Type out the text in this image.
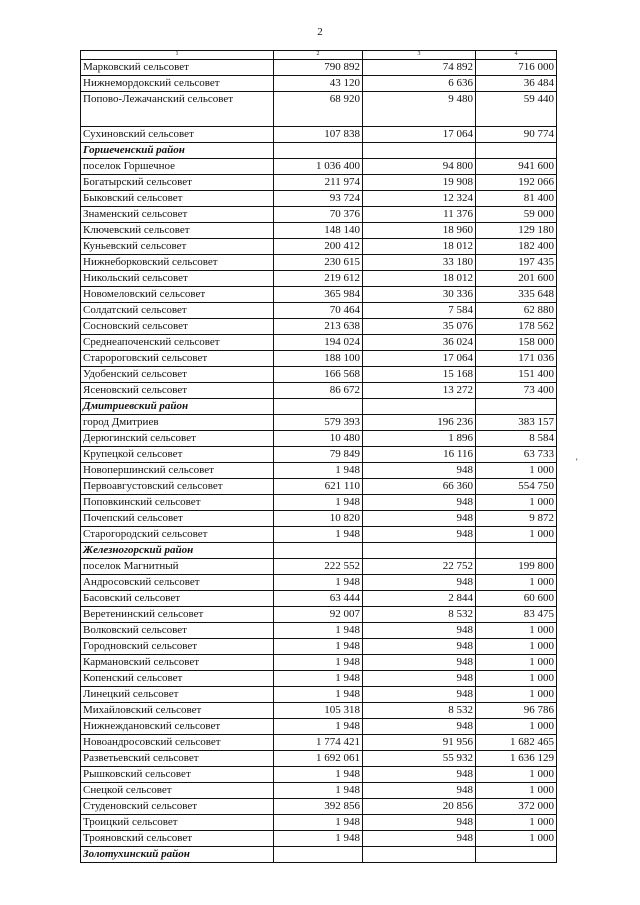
2
'
1	2	3	4
Марковский сельсовет	790 892	74 892	716 000
Нижнемордокский сельсовет	43 120	6 636	36 484
Попово-Лежачанский сельсовет	68 920	9 480	59 440
Сухиновский сельсовет	107 838	17 064	90 774
Горшеченский район			
поселок Горшечное	1 036 400	94 800	941 600
Богатырский сельсовет	211 974	19 908	192 066
Быковский сельсовет	93 724	12 324	81 400
Знаменский сельсовет	70 376	11 376	59 000
Ключевский сельсовет	148 140	18 960	129 180
Куньевский сельсовет	200 412	18 012	182 400
Нижнеборковский сельсовет	230 615	33 180	197 435
Никольский сельсовет	219 612	18 012	201 600
Новомеловский сельсовет	365 984	30 336	335 648
Солдатский сельсовет	70 464	7 584	62 880
Сосновский сельсовет	213 638	35 076	178 562
Среднеапоченский сельсовет	194 024	36 024	158 000
Старороговский сельсовет	188 100	17 064	171 036
Удобенский сельсовет	166 568	15 168	151 400
Ясеновский сельсовет	86 672	13 272	73 400
Дмитриевский район			
город Дмитриев	579 393	196 236	383 157
Дерюгинский сельсовет	10 480	1 896	8 584
Крупецкой сельсовет	79 849	16 116	63 733
Новопершинский сельсовет	1 948	948	1 000
Первоавгустовский сельсовет	621 110	66 360	554 750
Поповкинский сельсовет	1 948	948	1 000
Почепский сельсовет	10 820	948	9 872
Старогородский сельсовет	1 948	948	1 000
Железногорский район			
поселок Магнитный	222 552	22 752	199 800
Андросовский сельсовет	1 948	948	1 000
Басовский сельсовет	63 444	2 844	60 600
Веретенинский сельсовет	92 007	8 532	83 475
Волковский сельсовет	1 948	948	1 000
Городновский сельсовет	1 948	948	1 000
Кармановский сельсовет	1 948	948	1 000
Копенский сельсовет	1 948	948	1 000
Линецкий сельсовет	1 948	948	1 000
Михайловский сельсовет	105 318	8 532	96 786
Нижнеждановский сельсовет	1 948	948	1 000
Новоандросовский сельсовет	1 774 421	91 956	1 682 465
Разветьевский сельсовет	1 692 061	55 932	1 636 129
Рышковский сельсовет	1 948	948	1 000
Снецкой сельсовет	1 948	948	1 000
Студеновский сельсовет	392 856	20 856	372 000
Троицкий сельсовет	1 948	948	1 000
Трояновский сельсовет	1 948	948	1 000
Золотухинский район			
